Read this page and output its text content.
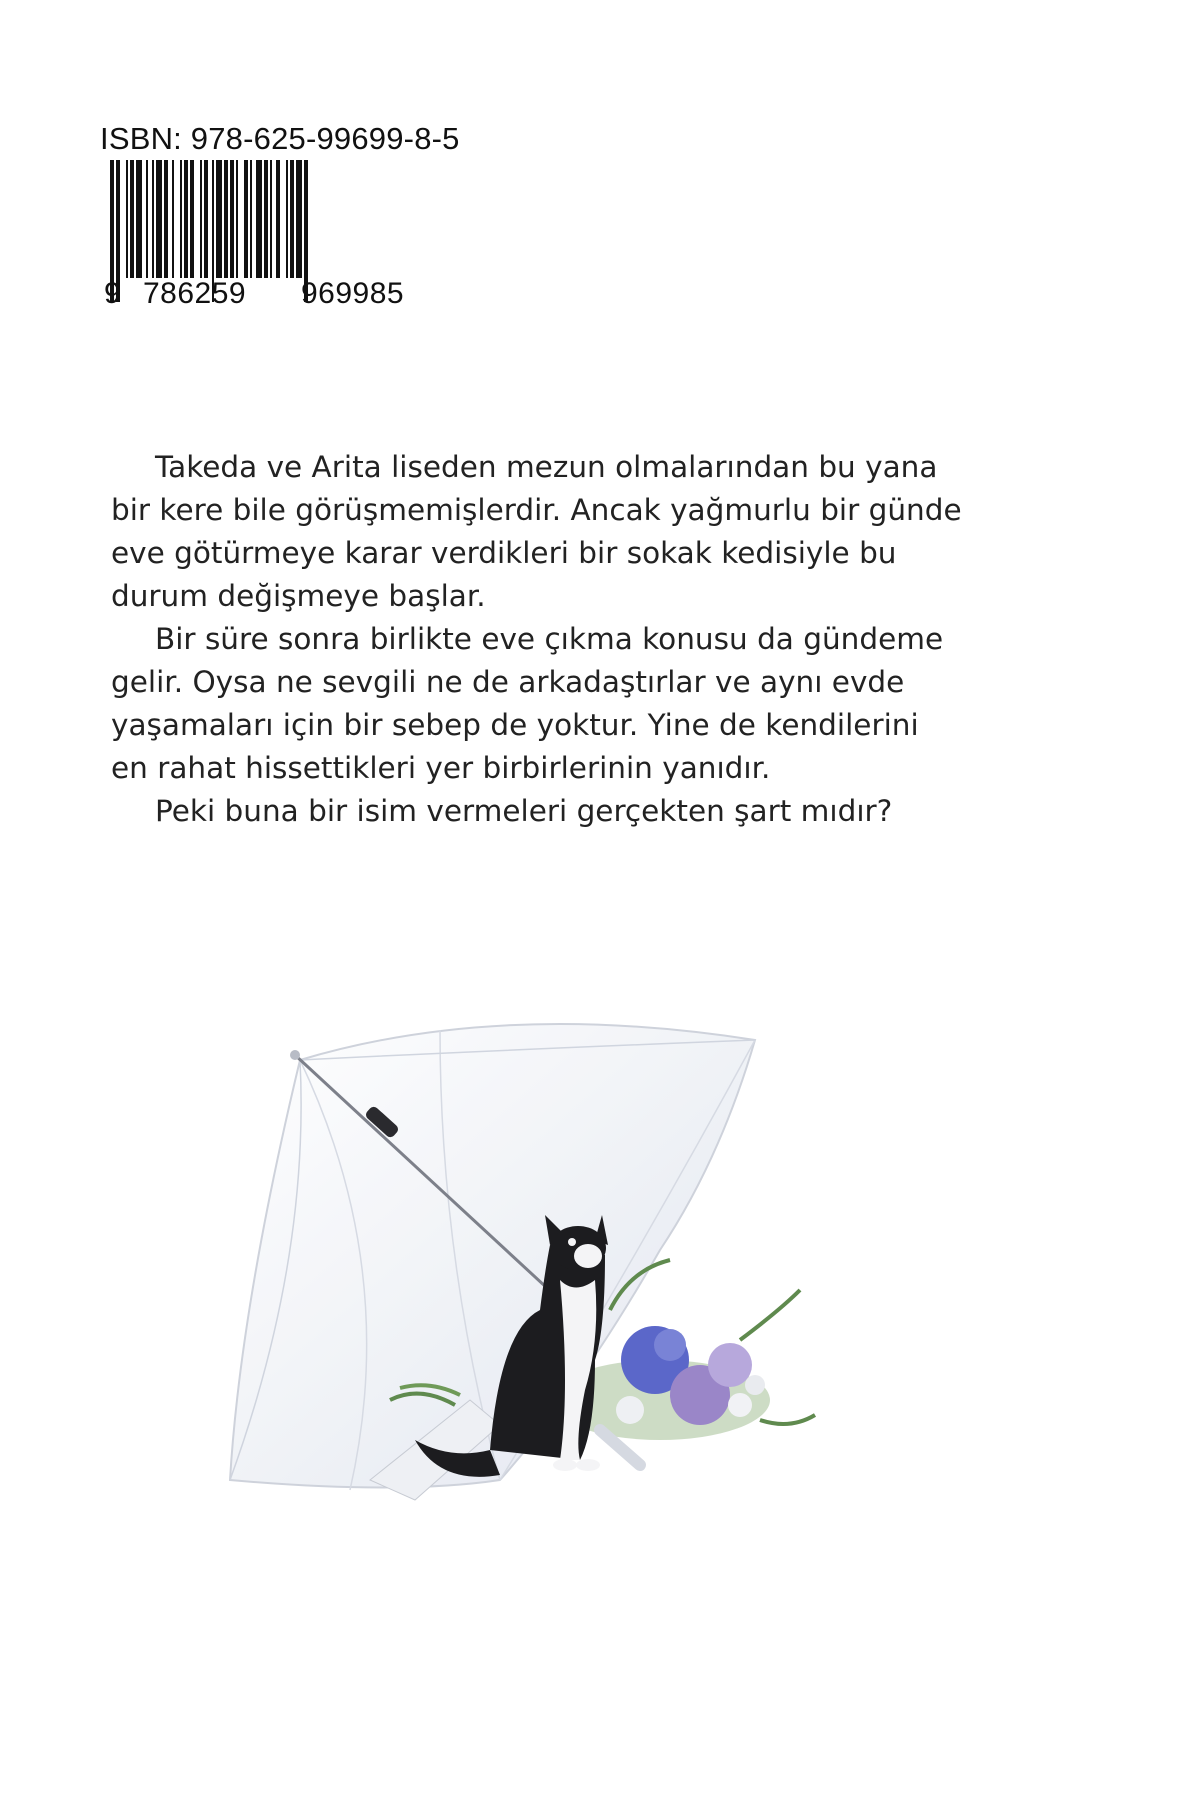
ISBN: 978-625-99699-8-5
9 786259 969985
Takeda ve Arita liseden mezun olmalarından bu yana
bir kere bile görüşmemişlerdir. Ancak yağmurlu bir günde
eve götürmeye karar verdikleri bir sokak kedisiyle bu
durum değişmeye başlar.
Bir süre sonra birlikte eve çıkma konusu da gündeme
gelir. Oysa ne sevgili ne de arkadaştırlar ve aynı evde
yaşamaları için bir sebep de yoktur. Yine de kendilerini
en rahat hissettikleri yer birbirlerinin yanıdır.
Peki buna bir isim vermeleri gerçekten şart mıdır?
